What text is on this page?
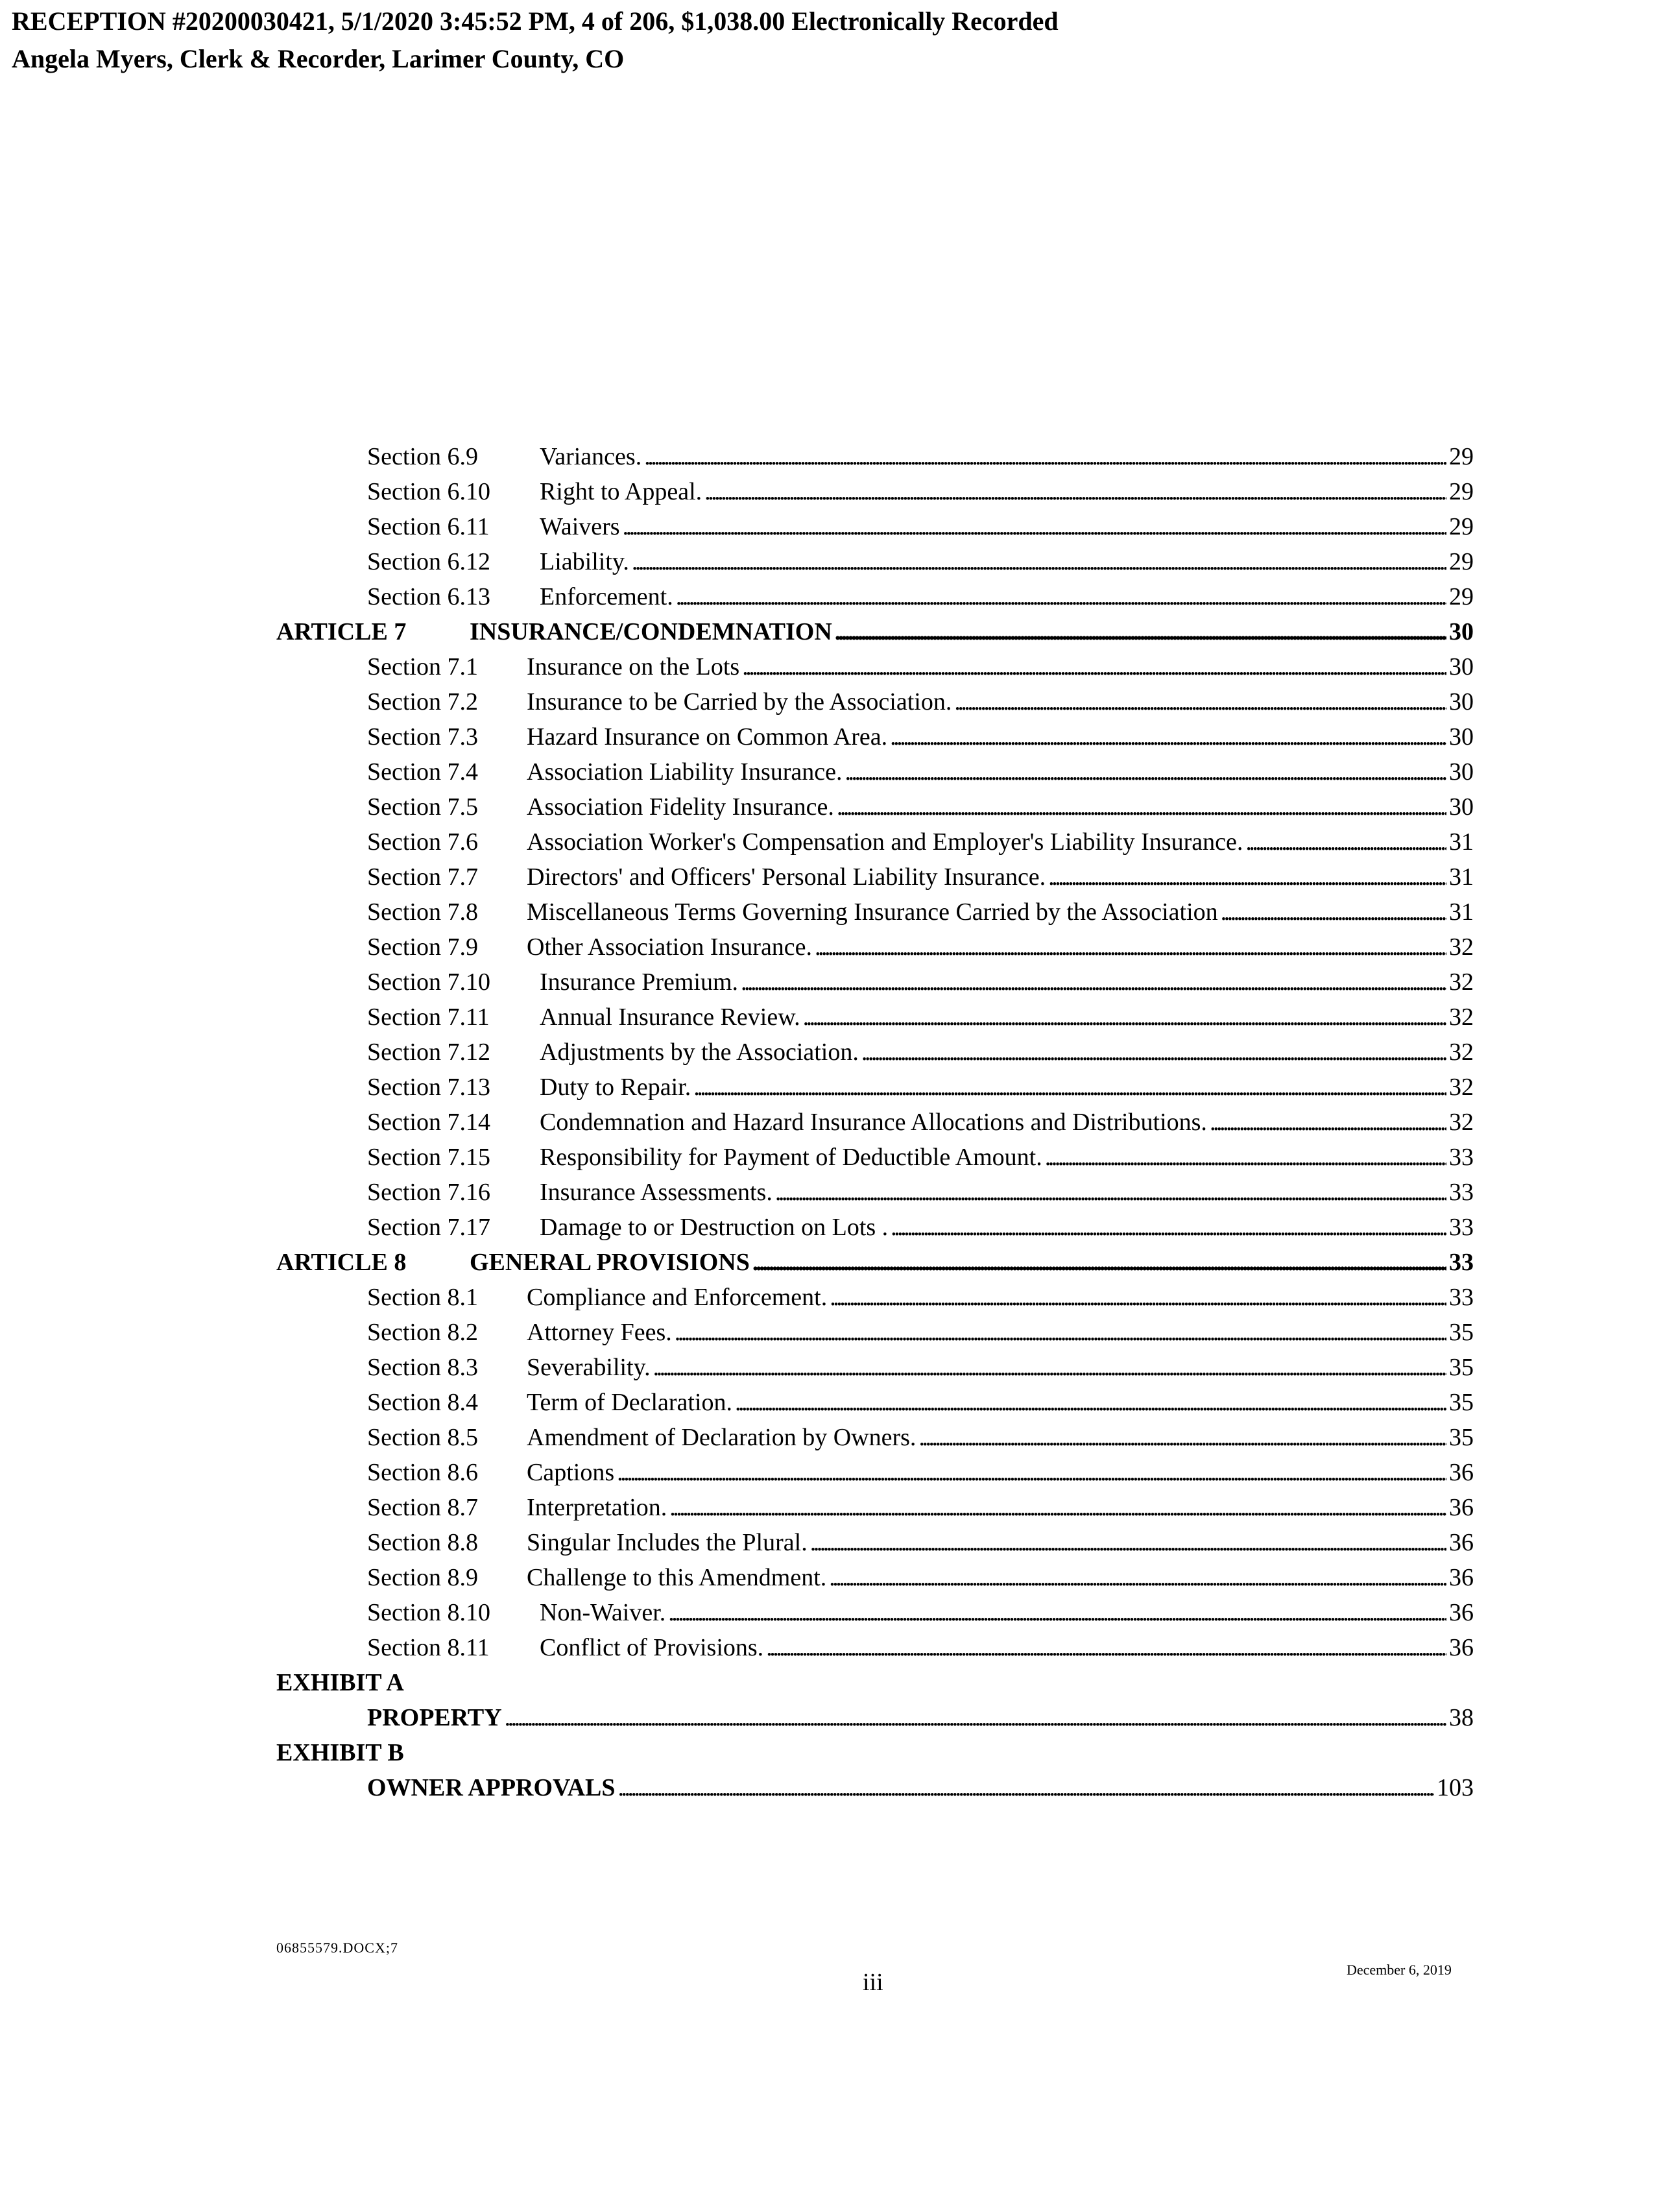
RECEPTION #20200030421, 5/1/2020 3:45:52 PM, 4 of 206, $1,038.00 Electronically Recorded
Angela Myers, Clerk & Recorder, Larimer County, CO
Section 6.9	Variances. . . .	29
Section 6.10	Right to Appeal. . . .	29
Section 6.11	Waivers . . .	29
Section 6.12	Liability. . . .	29
Section 6.13	Enforcement. . . .	29
ARTICLE 7	INSURANCE/CONDEMNATION . . .	30
Section 7.1	Insurance on the Lots . . .	30
Section 7.2	Insurance to be Carried by the Association. . . .	30
Section 7.3	Hazard Insurance on Common Area. . . .	30
Section 7.4	Association Liability Insurance. . . .	30
Section 7.5	Association Fidelity Insurance. . . .	30
Section 7.6	Association Worker's Compensation and Employer's Liability Insurance. . . .	31
Section 7.7	Directors' and Officers' Personal Liability Insurance. . . .	31
Section 7.8	Miscellaneous Terms Governing Insurance Carried by the Association . . .	31
Section 7.9	Other Association Insurance. . . .	32
Section 7.10	Insurance Premium. . . .	32
Section 7.11	Annual Insurance Review. . . .	32
Section 7.12	Adjustments by the Association. . . .	32
Section 7.13	Duty to Repair. . . .	32
Section 7.14	Condemnation and Hazard Insurance Allocations and Distributions. . . .	32
Section 7.15	Responsibility for Payment of Deductible Amount. . . .	33
Section 7.16	Insurance Assessments. . . .	33
Section 7.17	Damage to or Destruction on Lots . . . .	33
ARTICLE 8	GENERAL PROVISIONS . . .	33
Section 8.1	Compliance and Enforcement. . . .	33
Section 8.2	Attorney Fees. . . .	35
Section 8.3	Severability. . . .	35
Section 8.4	Term of Declaration. . . .	35
Section 8.5	Amendment of Declaration by Owners. . . .	35
Section 8.6	Captions . . .	36
Section 8.7	Interpretation. . . .	36
Section 8.8	Singular Includes the Plural. . . .	36
Section 8.9	Challenge to this Amendment. . . .	36
Section 8.10	Non-Waiver. . . .	36
Section 8.11	Conflict of Provisions. . . .	36
EXHIBIT A
PROPERTY . . .	38
EXHIBIT B
OWNER APPROVALS . . .	103
06855579.DOCX;7
iii	December 6, 2019
